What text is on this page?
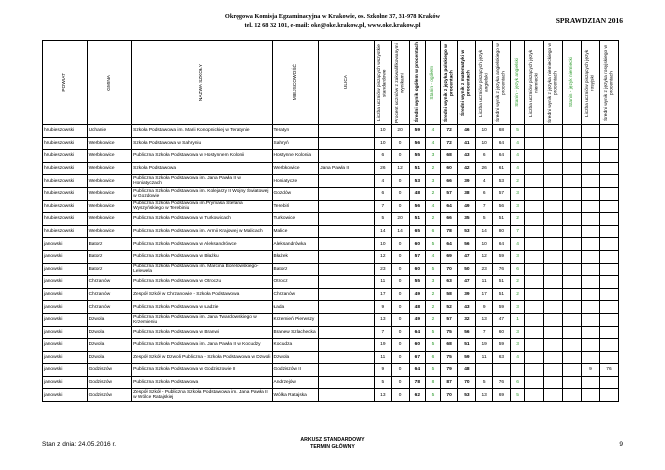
Okręgowa Komisja Egzaminacyjna w Krakowie, os. Szkolne 37, 31-978 Kraków
tel. 12 68 32 101, e-mail: oke@oke.krakow.pl, www.oke.krakow.pl
SPRAWDZIAN 2016
POWIAT	GMINA	NAZWA SZKOŁY	MIEJSCOWOŚĆ	ULICA	Liczba uczniów piszących wszystkie standardowe	Procent uczniów z zakwalifikowanymi wynikami	Średni wynik ogółem w procentach	Stanin - ogółem	Średni wynik z języka polskiego w procentach	Średni wynik z matematyki w procentach	Liczba uczniów piszących język angielski	Średni wynik z języka angielskiego w procentach	Stanin - język angielski	Liczba uczniów piszących język niemiecki	Średni wynik z języka niemieckiego w procentach	Stanin - język niemiecki	Liczba uczniów piszących język rosyjski	Średni wynik z języka rosyjskiego w procentach

hrubieszowski	Uchanie	Szkoła Podstawowa im. Marii Konopnickiej w Teratynie	Teratyn		10	20	59	4	72	46	10	68	5					
hrubieszowski	Werbkowice	Szkoła Podstawowa w Sahryniu	Sahryń		10	0	56	4	72	41	10	64	4					
hrubieszowski	Werbkowice	Publiczna Szkoła Podstawowa w Hostynnem Kolonii	Hostynne Kolonia		6	0	55	3	68	43	6	64	4					
hrubieszowski	Werbkowice	Szkoła Podstawowa	Werbkowice	Jana Pawła II	26	12	51	2	60	42	26	61	4					
hrubieszowski	Werbkowice	Publiczna Szkoła Podstawowa im. Jana Pawła II w Honiatyczach	Honiatycze		4	0	53	3	66	39	4	53	2					
hrubieszowski	Werbkowice	Publiczna Szkoła Podstawowa im. Kolejarzy II Wojny Światowej w Gozdowie	Gozdów		6	0	48	2	57	38	6	57	3					
hrubieszowski	Werbkowice	Publiczna Szkoła Podstawowa im.Prymasa Stefana Wyszyńskiego w Terebiniu	Terebiń		7	0	56	4	64	49	7	56	3					
hrubieszowski	Werbkowice	Publiczna Szkoła Podstawowa w Turkowicach	Turkowice		5	20	51	2	66	35	5	51	2					
hrubieszowski	Werbkowice	Publiczna Szkoła Podstawowa im. Armii Krajowej w Malicach	Malice		14	14	65	6	78	53	14	80	7					
janowski	Batorz	Publiczna Szkoła Podstawowa w Aleksandrówce	Aleksandrówka		10	0	60	5	64	56	10	64	4					
janowski	Batorz	Publiczna Szkoła Podstawowa w Błażku	Błażek		12	0	57	4	69	47	12	59	3					
janowski	Batorz	Publiczna Szkoła Podstawowa im. Marcina Borelowskiego-Lelewela	Batorz		23	0	60	5	70	50	23	76	6					
janowski	Chrzanów	Publiczna Szkoła Podstawowa w Otroczu	Otrocz		11	0	55	3	63	47	11	51	2					
janowski	Chrzanów	Zespół Szkół w Chrzanowie - Szkoła Podstawowa	Chrzanów		17	0	49	2	58	39	17	51	2					
janowski	Chrzanów	Publiczna Szkoła Podstawowa w Ładzie	Łada		9	0	48	2	52	43	9	59	3					
janowski	Dzwola	Publiczna Szkoła Podstawowa im. Jana Twardowskiego w Krzemieniu	Krzemień Pierwszy		13	0	49	2	57	32	13	47	1					
janowski	Dzwola	Publiczna Szkoła Podstawowa w Branwi	Branew Szlachecka		7	0	64	5	75	56	7	60	3					
janowski	Dzwola	Publiczna Szkoła Podstawowa im. Jana Pawła II w Kocudzy	Kocudza		19	0	60	5	68	51	19	59	3					
janowski	Dzwola	Zespół Szkół w Dzwoli Publiczna - Szkoła Podstawowa w Dzwoli	Dzwola		11	0	67	6	75	59	11	63	4					
janowski	Godziszów	Publiczna Szkoła Podstawowa w Godziszowie II	Godziszów II		9	0	64	5	79	48							9	76
janowski	Godziszów	Publiczna Szkoła Podstawowa	Andrzejów		5	0	78	8	87	70	5	76	6					
janowski	Godziszów	Zespół Szkół - Publiczna Szkoła Podstawowa im. Jana Pawła II w Wólce Ratajskiej	Wólka Ratajska		13	0	62	5	70	53	13	69	5					
Stan z dnia: 24.05.2016 r.
ARKUSZ STANDARDOWY
TERMIN GŁÓWNY	9
